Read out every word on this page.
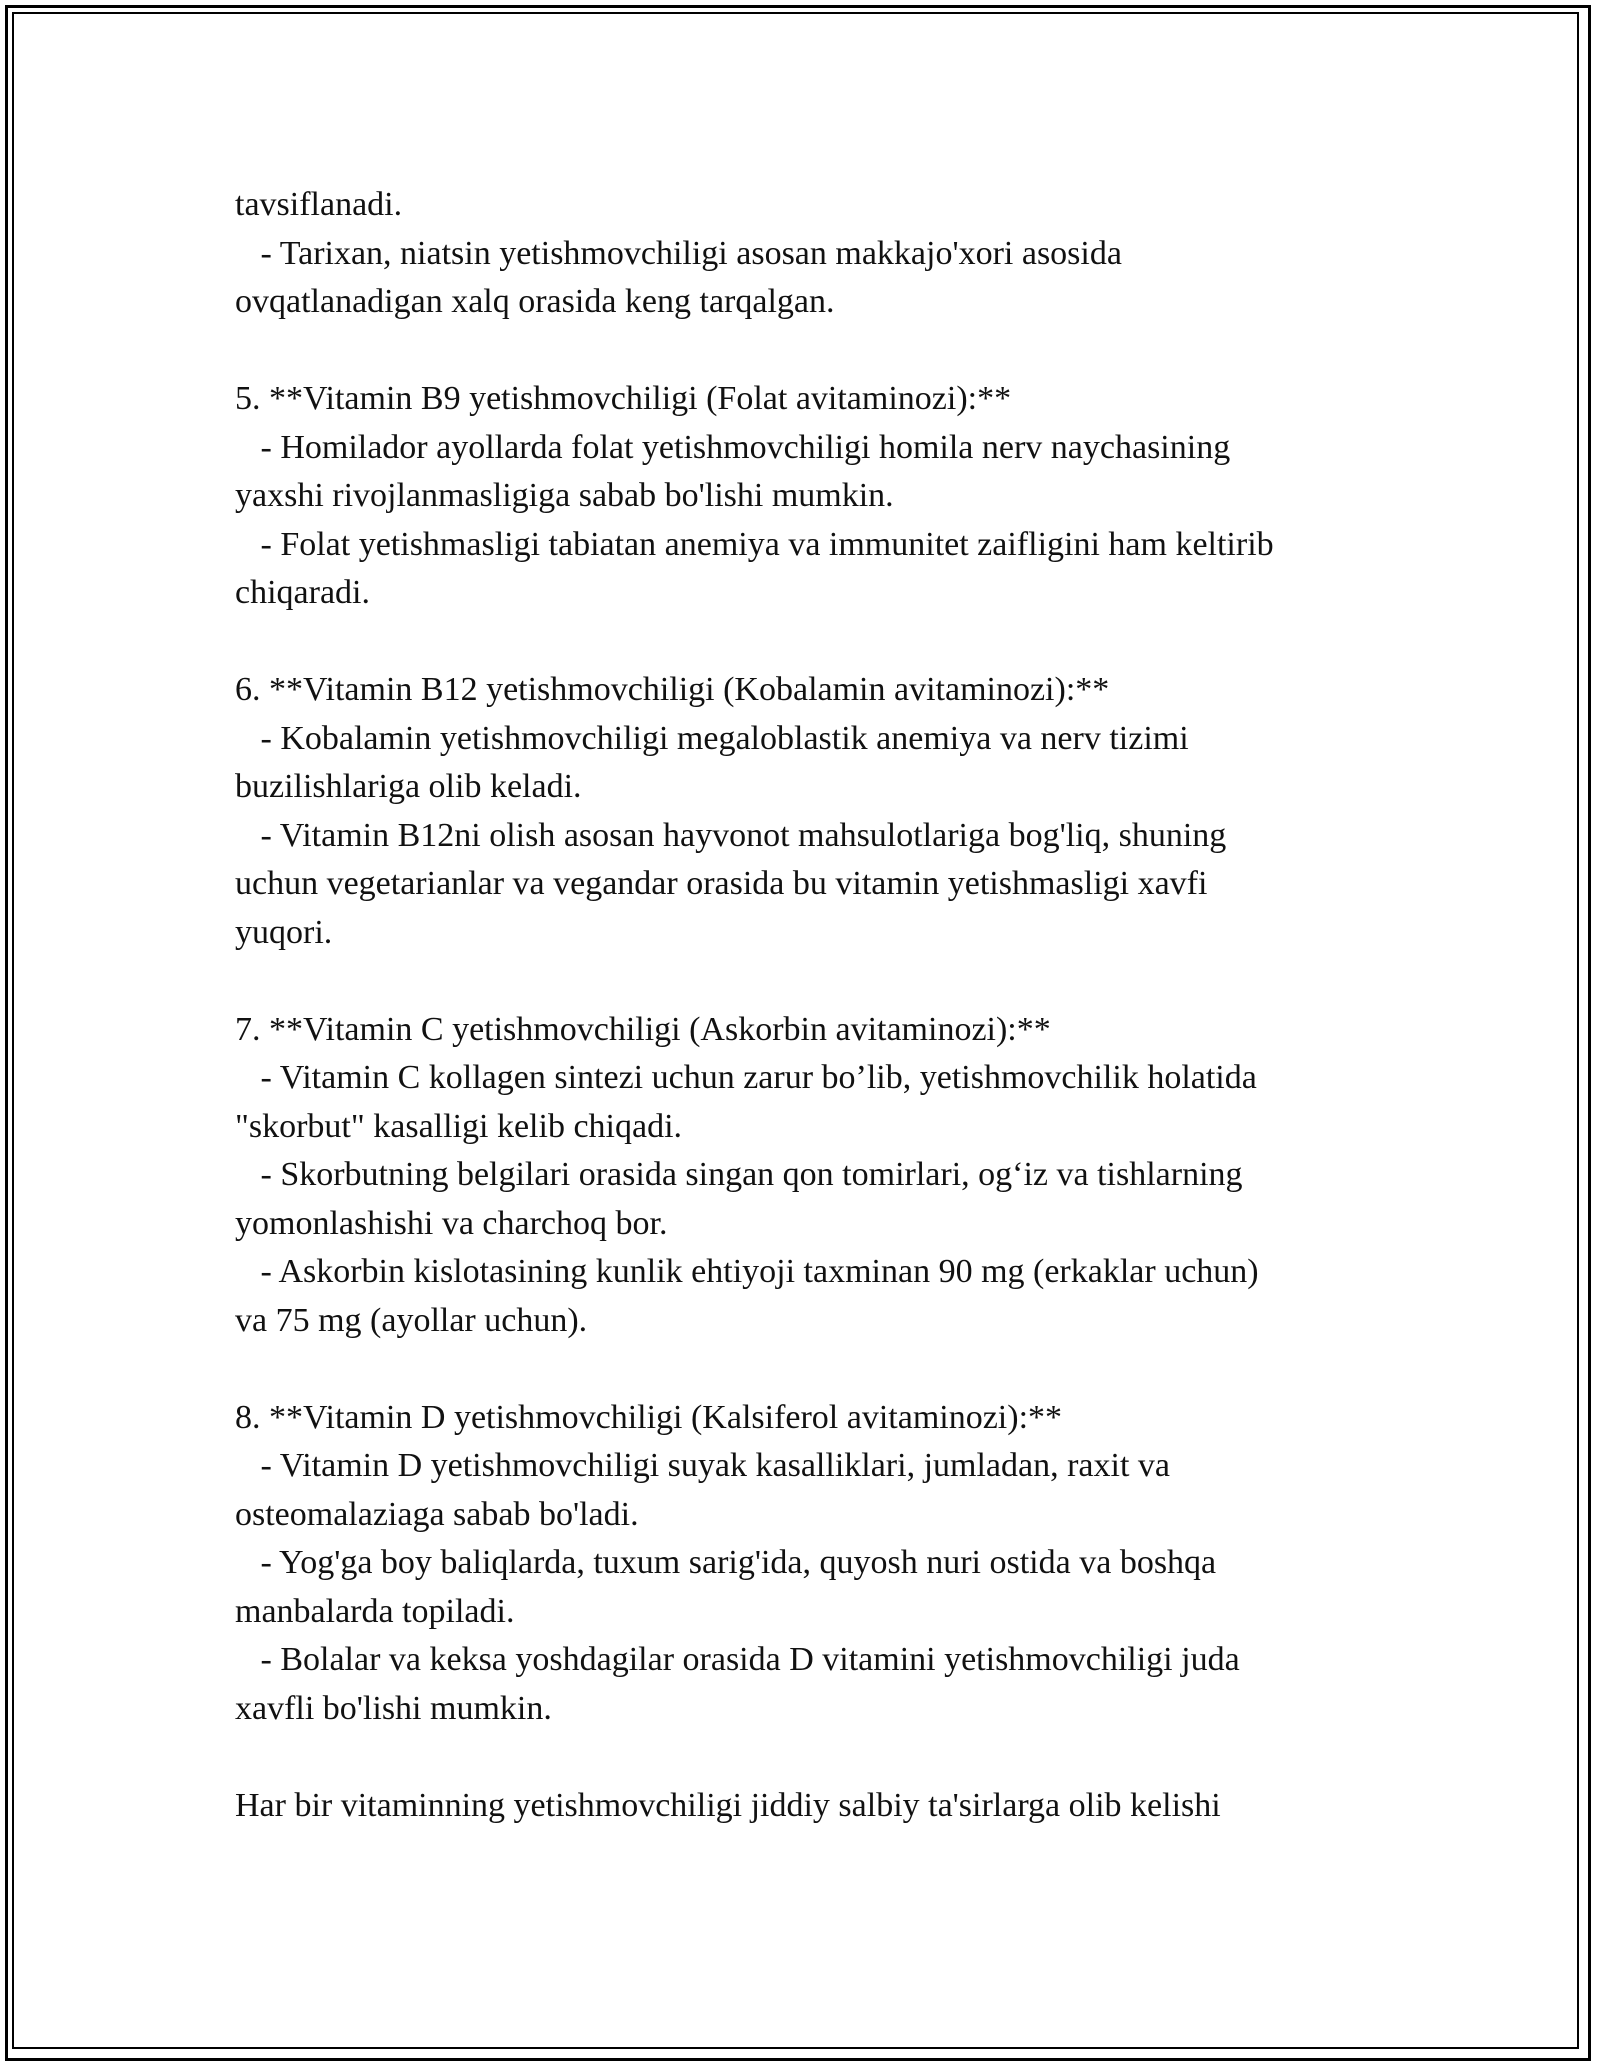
tavsiflanadi.
- Tarixan, niatsin yetishmovchiligi asosan makkajo'xori asosida
ovqatlanadigan xalq orasida keng tarqalgan.
5. **Vitamin B9 yetishmovchiligi (Folat avitaminozi):**
- Homilador ayollarda folat yetishmovchiligi homila nerv naychasining
yaxshi rivojlanmasligiga sabab bo'lishi mumkin.
- Folat yetishmasligi tabiatan anemiya va immunitet zaifligini ham keltirib
chiqaradi.
6. **Vitamin B12 yetishmovchiligi (Kobalamin avitaminozi):**
- Kobalamin yetishmovchiligi megaloblastik anemiya va nerv tizimi
buzilishlariga olib keladi.
- Vitamin B12ni olish asosan hayvonot mahsulotlariga bog'liq, shuning
uchun vegetarianlar va vegandar orasida bu vitamin yetishmasligi xavfi
yuqori.
7. **Vitamin C yetishmovchiligi (Askorbin avitaminozi):**
- Vitamin C kollagen sintezi uchun zarur bo’lib, yetishmovchilik holatida
"skorbut" kasalligi kelib chiqadi.
- Skorbutning belgilari orasida singan qon tomirlari, og‘iz va tishlarning
yomonlashishi va charchoq bor.
- Askorbin kislotasining kunlik ehtiyoji taxminan 90 mg (erkaklar uchun)
va 75 mg (ayollar uchun).
8. **Vitamin D yetishmovchiligi (Kalsiferol avitaminozi):**
- Vitamin D yetishmovchiligi suyak kasalliklari, jumladan, raxit va
osteomalaziaga sabab bo'ladi.
- Yog'ga boy baliqlarda, tuxum sarig'ida, quyosh nuri ostida va boshqa
manbalarda topiladi.
- Bolalar va keksa yoshdagilar orasida D vitamini yetishmovchiligi juda
xavfli bo'lishi mumkin.
Har bir vitaminning yetishmovchiligi jiddiy salbiy ta'sirlarga olib kelishi
